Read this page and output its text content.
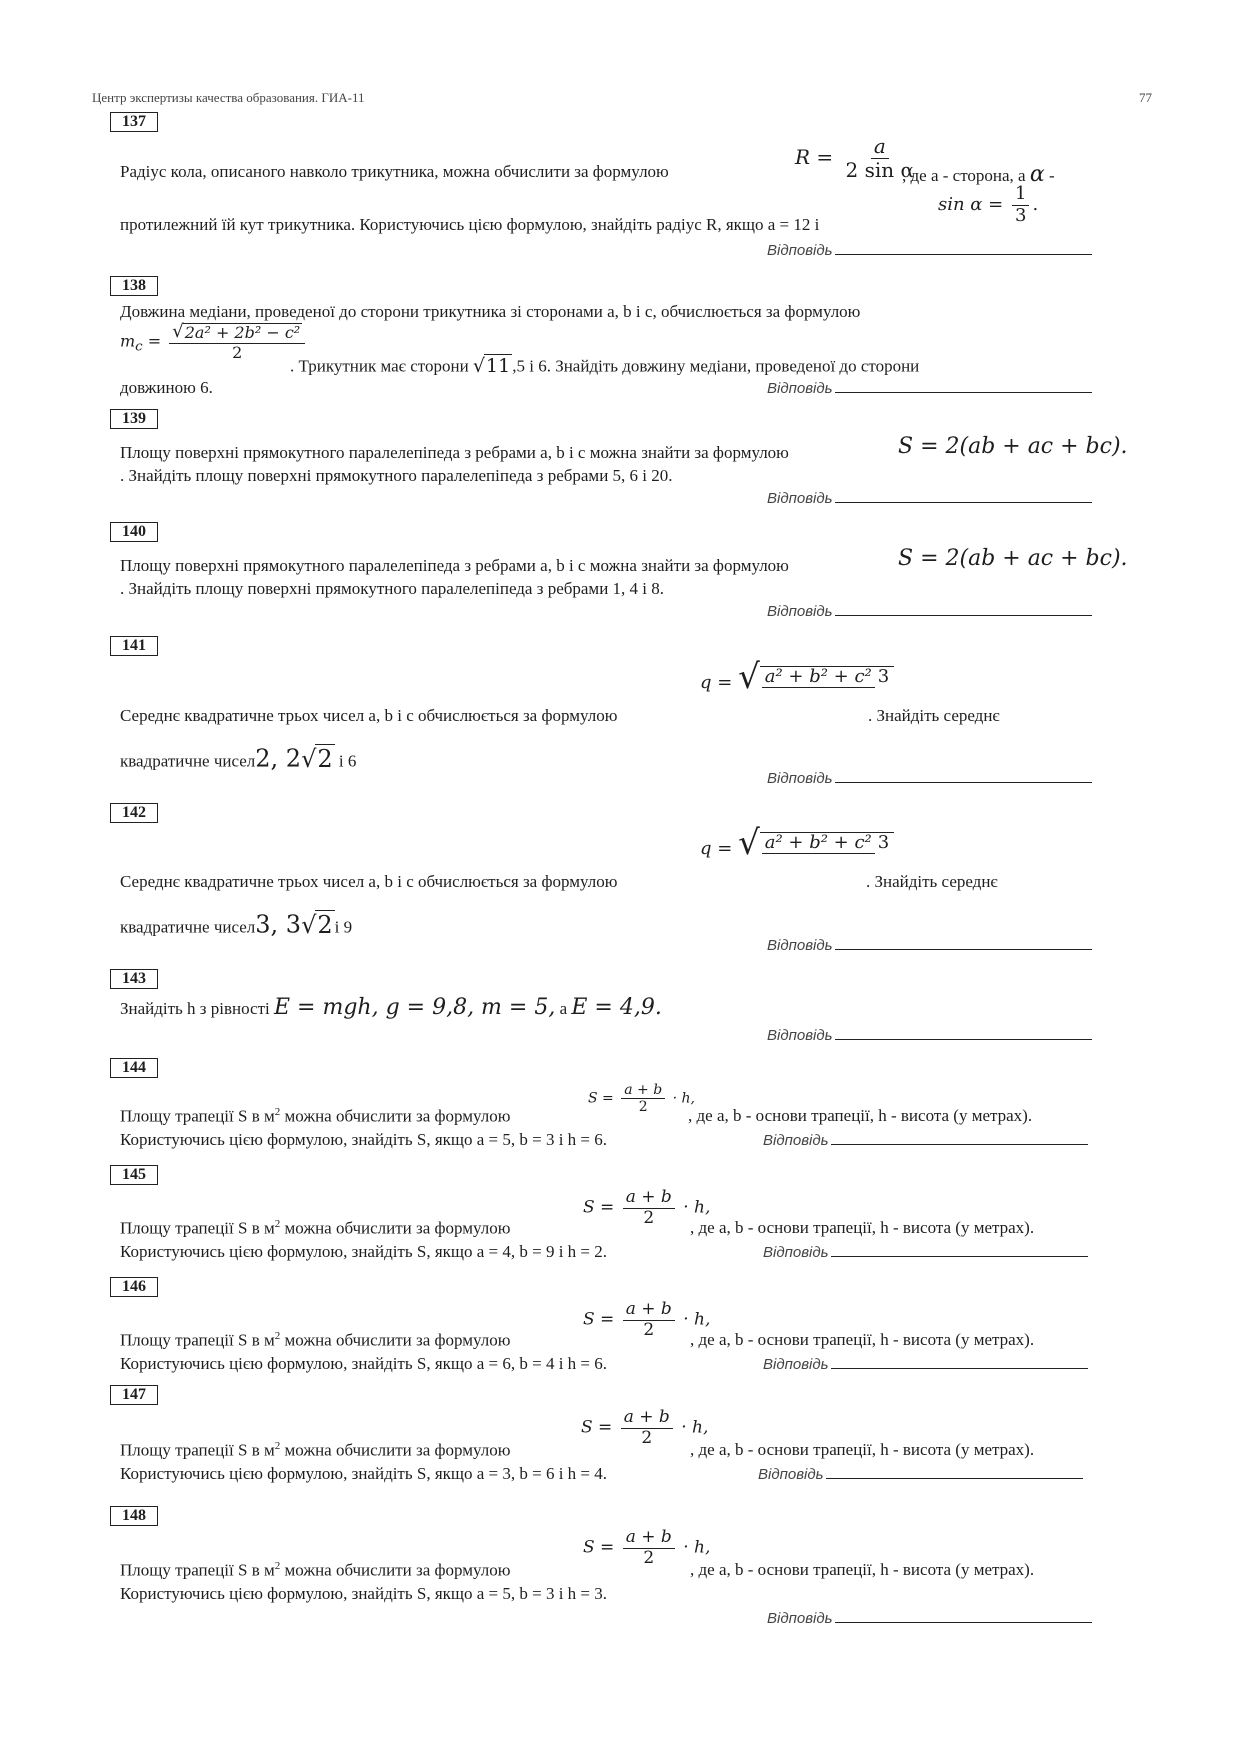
Центр экспертизы качества образования. ГИА-11	77
137
Радіус кола, описаного навколо трикутника, можна обчислити за формулою
$R = \frac{a}{\text{2 sin α}}$
, де a - сторона, а α -
$\sin \alpha = \frac{1}{3}$ .
протилежний їй кут трикутника. Користуючись цією формулою, знайдіть радіус R, якщо a = 12 і
Відповідь
138
Довжина медіани, проведеної до сторони трикутника зі сторонами a, b і c, обчислюється за формулою
$m_c = \frac{\text{√ 2a² + 2b² − c²}}{2}$
. Трикутник має сторони √ 11 ,5 і 6. Знайдіть довжину медіани, проведеної до сторони
довжиною 6.	Відповідь
139
Площу поверхні прямокутного паралелепіпеда з ребрами a, b і c можна знайти за формулою	S = 2(ab + ac + bc).
. Знайдіть площу поверхні прямокутного паралелепіпеда з ребрами 5, 6 і 20.
Відповідь
140
Площу поверхні прямокутного паралелепіпеда з ребрами a, b і c можна знайти за формулою	S = 2(ab + ac + bc).
. Знайдіть площу поверхні прямокутного паралелепіпеда з ребрами 1, 4 і 8.
Відповідь
141
q = √ a² + b² + c² 3
Середнє квадратичне трьох чисел a, b і c обчислюється за формулою	. Знайдіть середнє
квадратичне чисел2, 2 √ 2 і 6
Відповідь
142
q = √ a² + b² + c² 3
Середнє квадратичне трьох чисел a, b і c обчислюється за формулою	. Знайдіть середнє
квадратичне чисел3, 3 √ 2 і 9
Відповідь
143
Знайдіть h з рівності E = mgh, g = 9,8, m = 5, а E = 4,9.
Відповідь
144
Площу трапеції S в $м^2$ можна обчислити за формулою
$S = \frac{a + b}{2} \cdot h$,
, де a, b - основи трапеції, h - висота (у метрах).
Користуючись цією формулою, знайдіть S, якщо a = 5, b = 3 і h = 6.	Відповідь
145
Площу трапеції S в $м^2$ можна обчислити за формулою
$S = \frac{a + b}{2} \cdot h$,
, де a, b - основи трапеції, h - висота (у метрах).
Користуючись цією формулою, знайдіть S, якщо a = 4, b = 9 і h = 2.	Відповідь
146
Площу трапеції S в $м^2$ можна обчислити за формулою
$S = \frac{a + b}{2} \cdot h$,
, де a, b - основи трапеції, h - висота (у метрах).
Користуючись цією формулою, знайдіть S, якщо a = 6, b = 4 і h = 6.	Відповідь
147
Площу трапеції S в $м^2$ можна обчислити за формулою
$S = \frac{a + b}{2} \cdot h$,
, де a, b - основи трапеції, h - висота (у метрах).
Користуючись цією формулою, знайдіть S, якщо a = 3, b = 6 і h = 4.	Відповідь
148
Площу трапеції S в $м^2$ можна обчислити за формулою
$S = \frac{a + b}{2} \cdot h$,
, де a, b - основи трапеції, h - висота (у метрах).
Користуючись цією формулою, знайдіть S, якщо a = 5, b = 3 і h = 3.
Відповідь
